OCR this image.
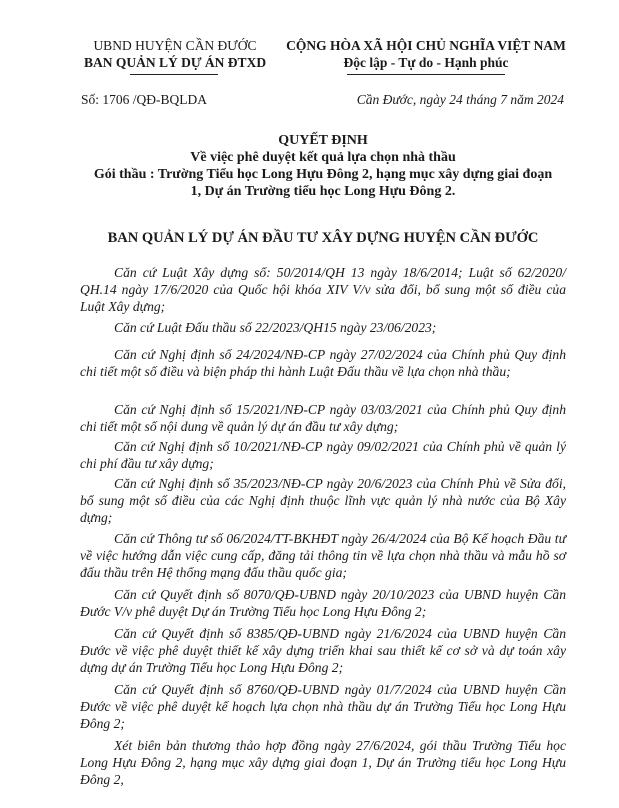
UBND HUYỆN CẦN ĐƯỚC
BAN QUẢN LÝ DỰ ÁN ĐTXD
CỘNG HÒA XÃ HỘI CHỦ NGHĨA VIỆT NAM
Độc lập - Tự do - Hạnh phúc
Số: 1706 /QĐ-BQLDA	Cần Đước, ngày 24 tháng 7 năm 2024
QUYẾT ĐỊNH
Về việc phê duyệt kết quả lựa chọn nhà thầu
Gói thầu : Trường Tiểu học Long Hựu Đông 2, hạng mục xây dựng giai đoạn
1, Dự án Trường tiểu học Long Hựu Đông 2.
BAN QUẢN LÝ DỰ ÁN ĐẦU TƯ XÂY DỰNG HUYỆN CẦN ĐƯỚC
Căn cứ Luật Xây dựng số: 50/2014/QH 13 ngày 18/6/2014; Luật số 62/2020/ QH.14 ngày 17/6/2020 của Quốc hội khóa XIV V/v sửa đổi, bổ sung một số điều của Luật Xây dựng;
Căn cứ Luật Đấu thầu số 22/2023/QH15 ngày 23/06/2023;
Căn cứ Nghị định số 24/2024/NĐ-CP ngày 27/02/2024 của Chính phủ Quy định chi tiết một số điều và biện pháp thi hành Luật Đấu thầu về lựa chọn nhà thầu;
Căn cứ Nghị định số 15/2021/NĐ-CP ngày 03/03/2021 của Chính phủ Quy định chi tiết một số nội dung về quản lý dự án đầu tư xây dựng;
Căn cứ Nghị định số 10/2021/NĐ-CP ngày 09/02/2021 của Chính phủ về quản lý chi phí đầu tư xây dựng;
Căn cứ Nghị định số 35/2023/NĐ-CP ngày 20/6/2023 của Chính Phủ về Sửa đổi, bổ sung một số điều của các Nghị định thuộc lĩnh vực quản lý nhà nước của Bộ Xây dựng;
Căn cứ Thông tư số 06/2024/TT-BKHĐT ngày 26/4/2024 của Bộ Kế hoạch Đầu tư về việc hướng dẫn việc cung cấp, đăng tải thông tin về lựa chọn nhà thầu và mẫu hồ sơ đấu thầu trên Hệ thống mạng đấu thầu quốc gia;
Căn cứ Quyết định số 8070/QĐ-UBND ngày 20/10/2023 của UBND huyện Cần Đước V/v phê duyệt Dự án Trường Tiểu học Long Hựu Đông 2;
Căn cứ Quyết định số 8385/QĐ-UBND ngày 21/6/2024 của UBND huyện Cần Đước về việc phê duyệt thiết kế xây dựng triển khai sau thiết kế cơ sở và dự toán xây dựng dự án Trường Tiểu học Long Hựu Đông 2;
Căn cứ Quyết định số 8760/QĐ-UBND ngày 01/7/2024 của UBND huyện Cần Đước về việc phê duyệt kế hoạch lựa chọn nhà thầu dự án Trường Tiểu học Long Hựu Đông 2;
Xét biên bản thương thảo hợp đồng ngày 27/6/2024, gói thầu Trường Tiểu học Long Hựu Đông 2, hạng mục xây dựng giai đoạn 1, Dự án Trường tiểu học Long Hựu Đông 2,
